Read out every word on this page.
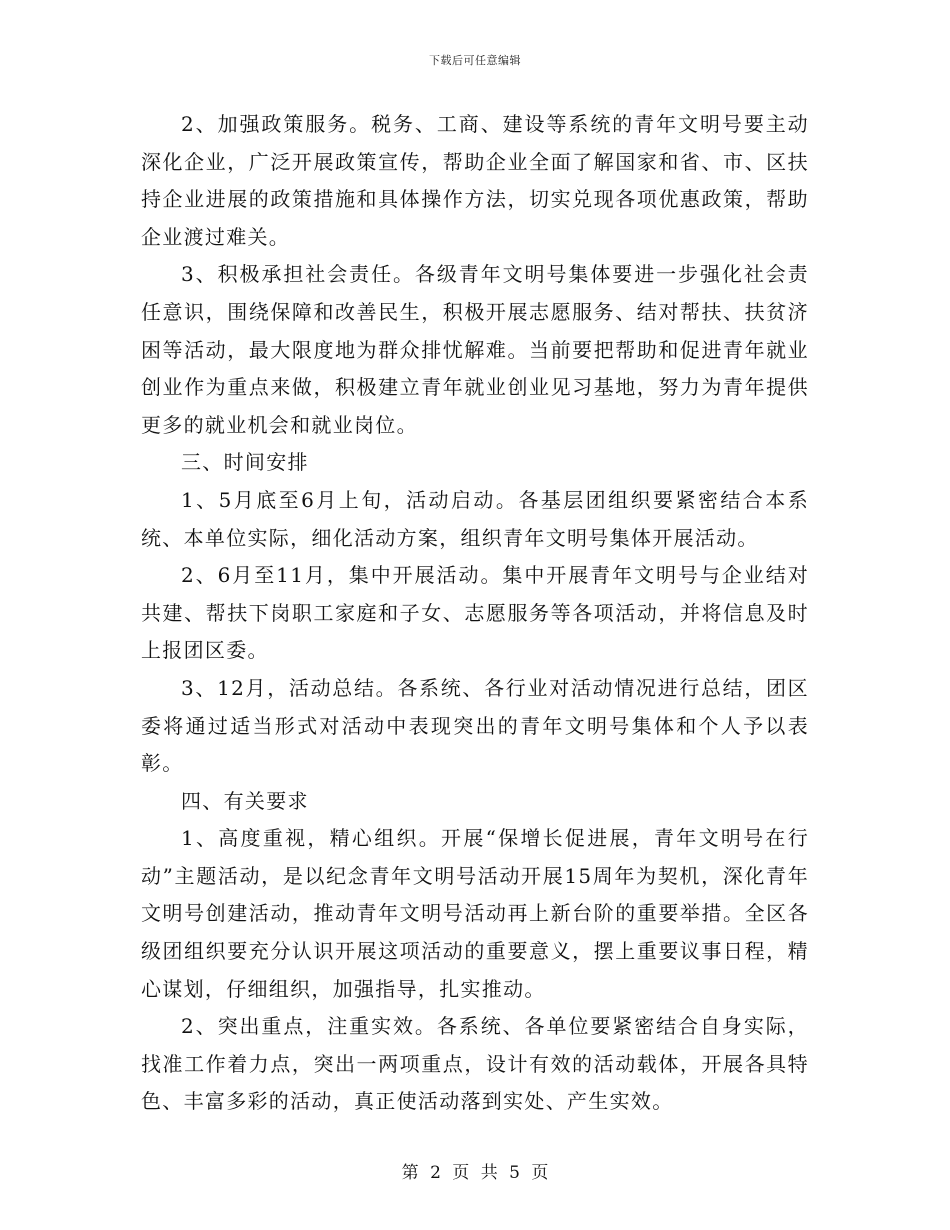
下载后可任意编辑

2、加强政策服务。税务、工商、建设等系统的青年文明号要主动深化企业，广泛开展政策宣传，帮助企业全面了解国家和省、市、区扶持企业进展的政策措施和具体操作方法，切实兑现各项优惠政策，帮助企业渡过难关。

3、积极承担社会责任。各级青年文明号集体要进一步强化社会责任意识，围绕保障和改善民生，积极开展志愿服务、结对帮扶、扶贫济困等活动，最大限度地为群众排忧解难。当前要把帮助和促进青年就业创业作为重点来做，积极建立青年就业创业见习基地，努力为青年提供更多的就业机会和就业岗位。

三、时间安排

1、5月底至6月上旬，活动启动。各基层团组织要紧密结合本系统、本单位实际，细化活动方案，组织青年文明号集体开展活动。

2、6月至11月，集中开展活动。集中开展青年文明号与企业结对共建、帮扶下岗职工家庭和子女、志愿服务等各项活动，并将信息及时上报团区委。

3、12月，活动总结。各系统、各行业对活动情况进行总结，团区委将通过适当形式对活动中表现突出的青年文明号集体和个人予以表彰。

四、有关要求

1、高度重视，精心组织。开展“保增长促进展，青年文明号在行动”主题活动，是以纪念青年文明号活动开展15周年为契机，深化青年文明号创建活动，推动青年文明号活动再上新台阶的重要举措。全区各级团组织要充分认识开展这项活动的重要意义，摆上重要议事日程，精心谋划，仔细组织，加强指导，扎实推动。

2、突出重点，注重实效。各系统、各单位要紧密结合自身实际，找准工作着力点，突出一两项重点，设计有效的活动载体，开展各具特色、丰富多彩的活动，真正使活动落到实处、产生实效。

第 2 页 共 5 页
